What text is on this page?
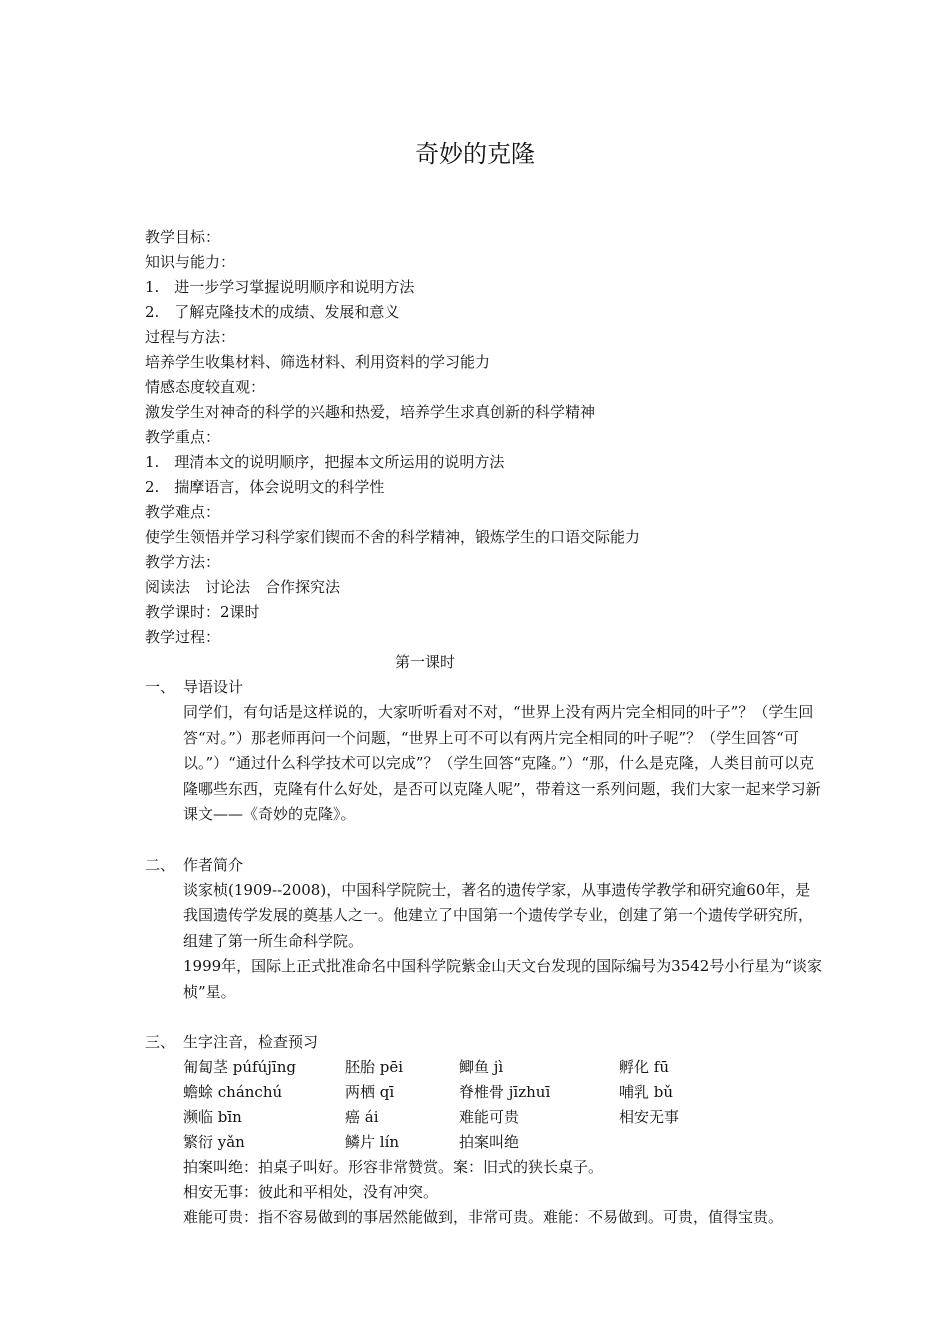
奇妙的克隆
教学目标：
知识与能力：
1.　进一步学习掌握说明顺序和说明方法
2.　了解克隆技术的成绩、发展和意义
过程与方法：
培养学生收集材料、筛选材料、利用资料的学习能力
情感态度较直观：
激发学生对神奇的科学的兴趣和热爱，培养学生求真创新的科学精神
教学重点：
1.　理清本文的说明顺序，把握本文所运用的说明方法
2.　揣摩语言，体会说明文的科学性
教学难点：
使学生领悟并学习科学家们锲而不舍的科学精神，锻炼学生的口语交际能力
教学方法：
阅读法　讨论法　合作探究法
教学课时：2课时
教学过程：
第一课时
一、 导语设计
同学们，有句话是这样说的，大家听听看对不对，“世界上没有两片完全相同的叶子”？（学生回答“对。”）那老师再问一个问题，“世界上可不可以有两片完全相同的叶子呢”？（学生回答“可以。”）“通过什么科学技术可以完成”？（学生回答“克隆。”）“那，什么是克隆，人类目前可以克隆哪些东西，克隆有什么好处，是否可以克隆人呢”，带着这一系列问题，我们大家一起来学习新课文——《奇妙的克隆》。
二、 作者简介
谈家桢(1909--2008)，中国科学院院士，著名的遗传学家，从事遗传学教学和研究逾60年，是我国遗传学发展的奠基人之一。他建立了中国第一个遗传学专业，创建了第一个遗传学研究所，组建了第一所生命科学院。
1999年，国际上正式批准命名中国科学院紫金山天文台发现的国际编号为3542号小行星为“谈家桢”星。
三、 生字注音，检查预习
匍匐茎 púfújīng	胚胎 pēi	鲫鱼 jì	孵化 fū
蟾蜍 chánchú	两栖 qī	脊椎骨 jīzhuī	哺乳 bǔ
濒临 bīn	癌 ái	难能可贵	相安无事
繁衍 yǎn	鳞片 lín	拍案叫绝
拍案叫绝：拍桌子叫好。形容非常赞赏。案：旧式的狭长桌子。
相安无事：彼此和平相处，没有冲突。
难能可贵：指不容易做到的事居然能做到，非常可贵。难能：不易做到。可贵，值得宝贵。
